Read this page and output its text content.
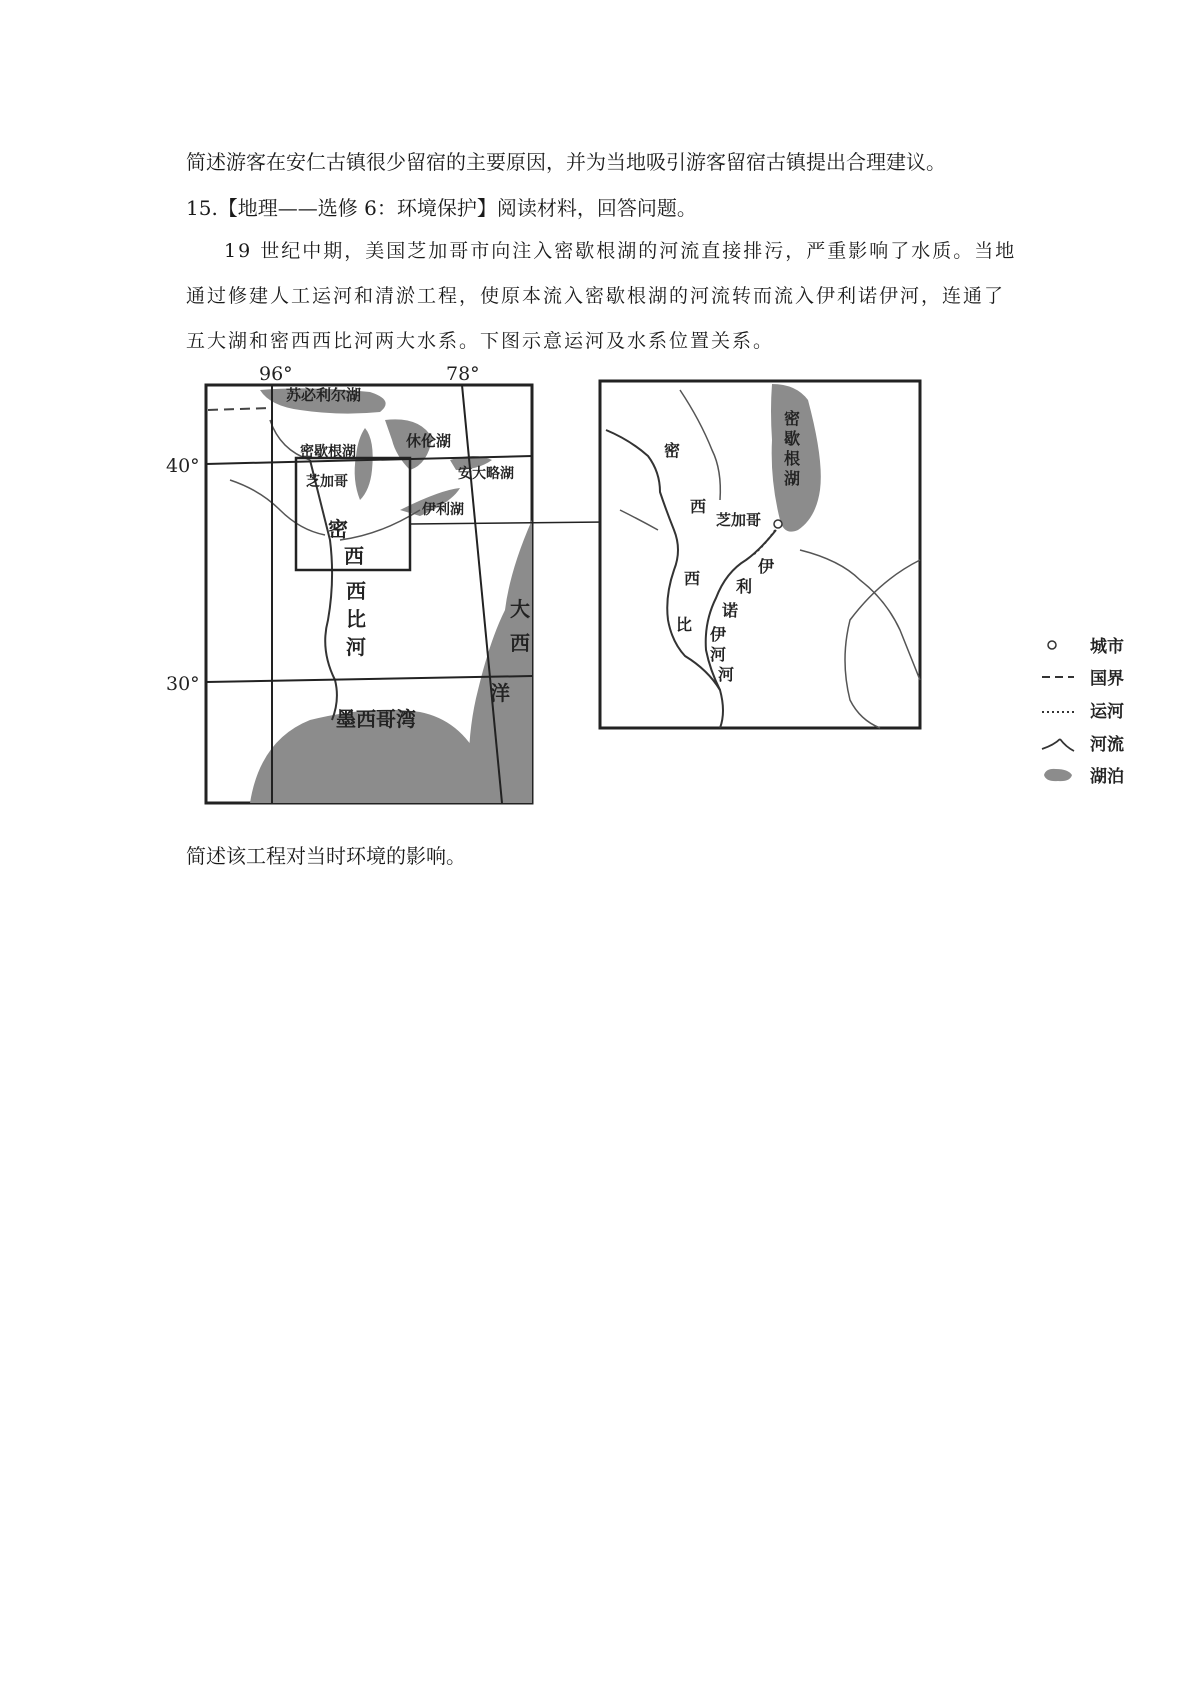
简述游客在安仁古镇很少留宿的主要原因，并为当地吸引游客留宿古镇提出合理建议。
15.【地理——选修 6：环境保护】阅读材料，回答问题。
19 世纪中期，美国芝加哥市向注入密歇根湖的河流直接排污，严重影响了水质。当地
通过修建人工运河和清淤工程，使原本流入密歇根湖的河流转而流入伊利诺伊河，连通了
五大湖和密西西比河两大水系。下图示意运河及水系位置关系。
96°	78°
40°
30°
苏必利尔湖
休伦湖
密歇根湖
芝加哥	安大略湖
伊利湖
密
西
西
比
河
大
西
洋
墨西哥湾
密
歇
根
湖
芝加哥
密
西
西
比
伊
利
诺
伊
河
河
城市
国界
运河
河流
湖泊
简述该工程对当时环境的影响。
